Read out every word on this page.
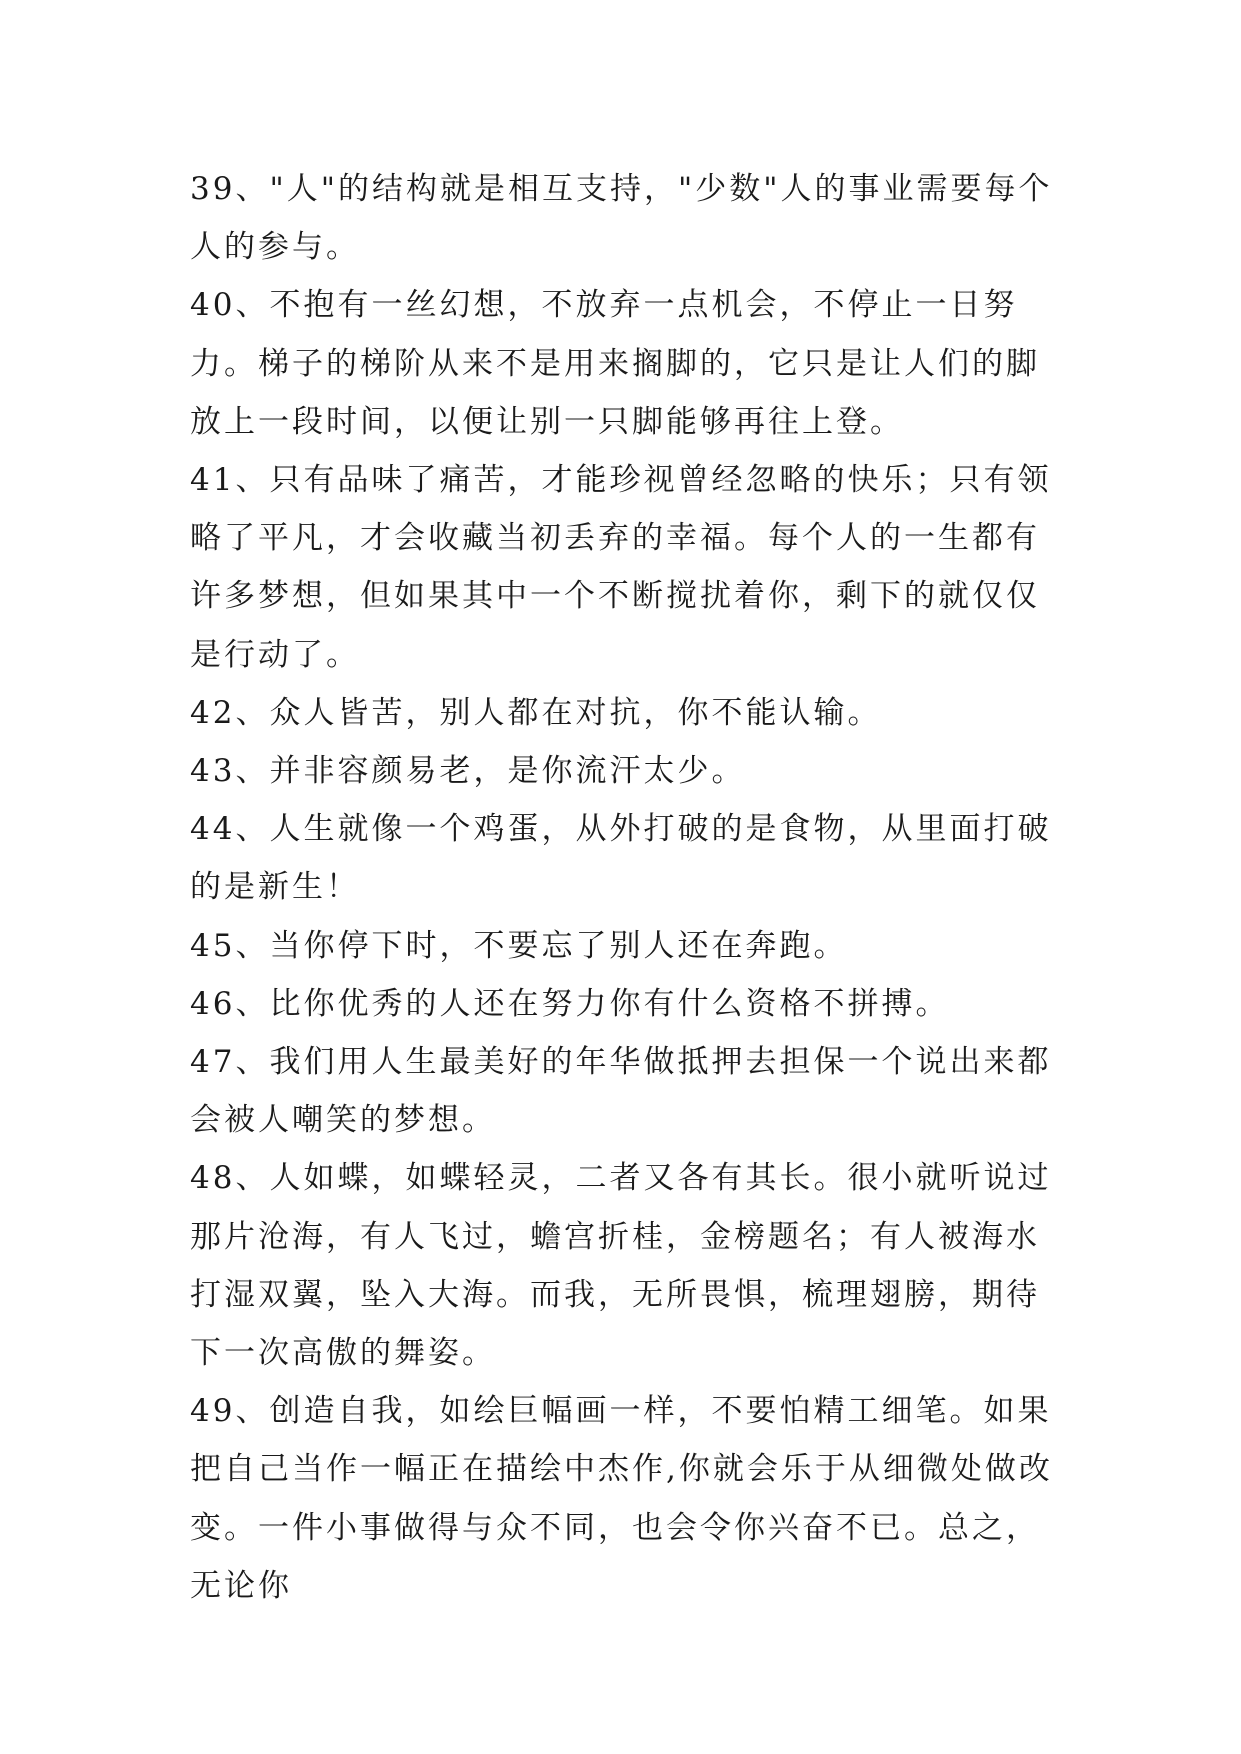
39、"人"的结构就是相互支持，"少数"人的事业需要每个人的参与。

40、不抱有一丝幻想，不放弃一点机会，不停止一日努力。梯子的梯阶从来不是用来搁脚的，它只是让人们的脚放上一段时间，以便让别一只脚能够再往上登。

41、只有品味了痛苦，才能珍视曾经忽略的快乐；只有领略了平凡，才会收藏当初丢弃的幸福。每个人的一生都有许多梦想，但如果其中一个不断搅扰着你，剩下的就仅仅是行动了。

42、众人皆苦，别人都在对抗，你不能认输。

43、并非容颜易老，是你流汗太少。

44、人生就像一个鸡蛋，从外打破的是食物，从里面打破的是新生！

45、当你停下时，不要忘了别人还在奔跑。

46、比你优秀的人还在努力你有什么资格不拼搏。

47、我们用人生最美好的年华做抵押去担保一个说出来都会被人嘲笑的梦想。

48、人如蝶，如蝶轻灵，二者又各有其长。很小就听说过那片沧海，有人飞过，蟾宫折桂，金榜题名；有人被海水打湿双翼，坠入大海。而我，无所畏惧，梳理翅膀，期待下一次高傲的舞姿。

49、创造自我，如绘巨幅画一样，不要怕精工细笔。如果把自己当作一幅正在描绘中杰作,你就会乐于从细微处做改变。一件小事做得与众不同，也会令你兴奋不已。总之，无论你
